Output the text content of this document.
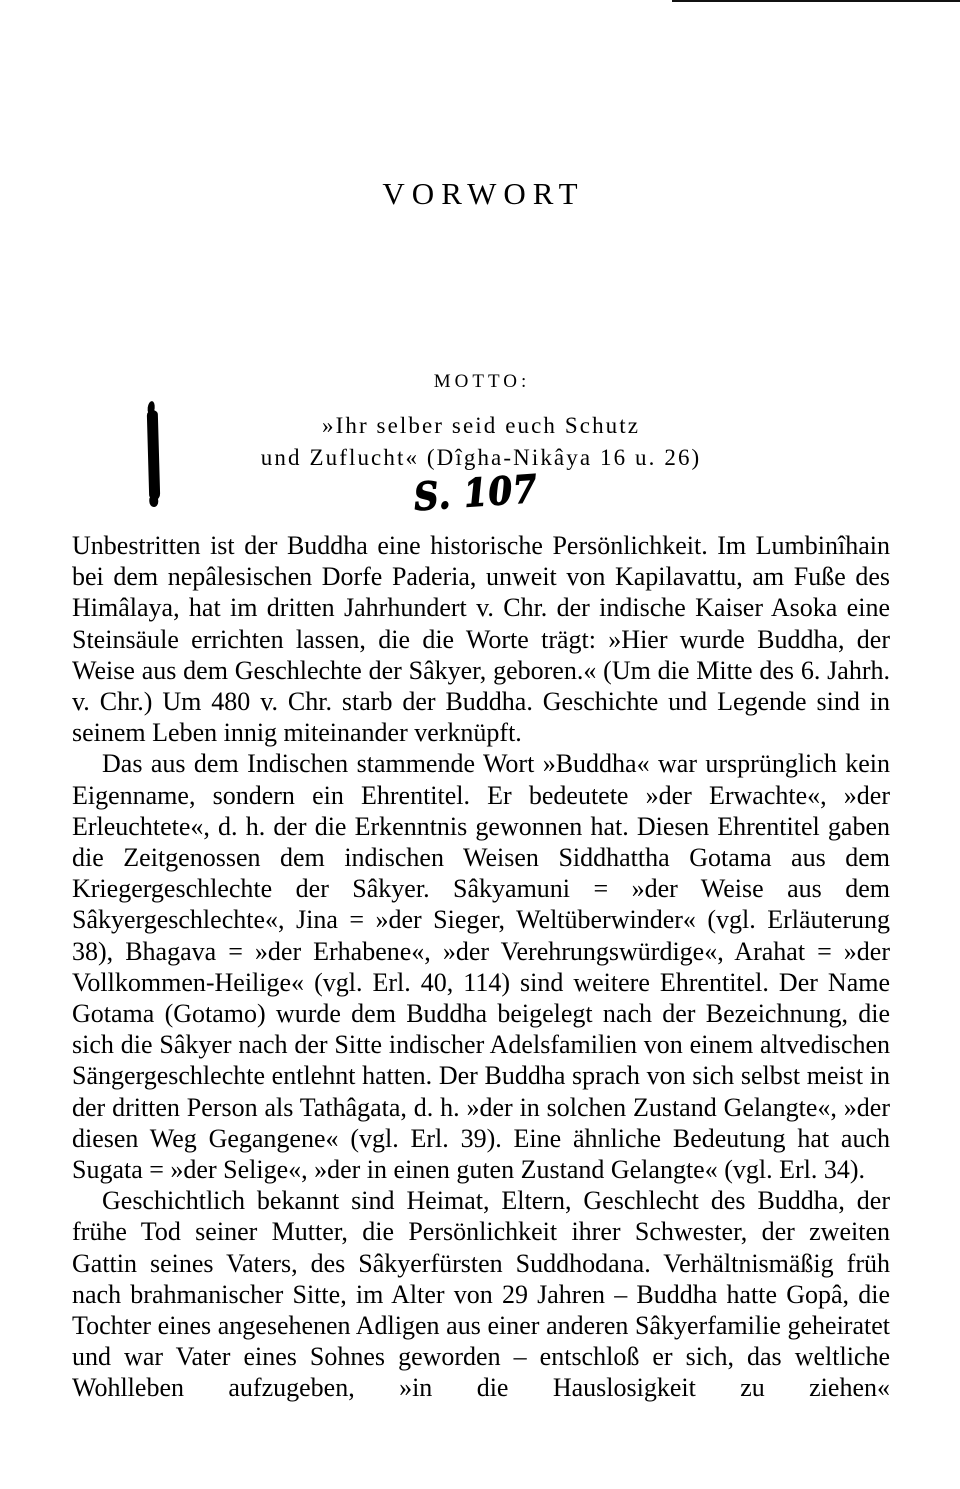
VORWORT
MOTTO:
»Ihr selber seid euch Schutz
und Zuflucht« (Dîgha-Nikâya 16 u. 26)
S. 107

Unbestritten ist der Buddha eine historische Persönlichkeit. Im Lumbinîhain bei dem nepâlesischen Dorfe Paderia, unweit von Kapilavattu, am Fuße des Himâlaya, hat im dritten Jahrhundert v. Chr. der indische Kaiser Asoka eine Steinsäule errichten lassen, die die Worte trägt: »Hier wurde Buddha, der Weise aus dem Geschlechte der Sâkyer, geboren.« (Um die Mitte des 6. Jahrh. v. Chr.) Um 480 v. Chr. starb der Buddha. Geschichte und Legende sind in seinem Leben innig miteinander verknüpft.

Das aus dem Indischen stammende Wort »Buddha« war ursprünglich kein Eigenname, sondern ein Ehrentitel. Er bedeutete »der Erwachte«, »der Erleuchtete«, d. h. der die Erkenntnis gewonnen hat. Diesen Ehrentitel gaben die Zeitgenossen dem indischen Weisen Siddhattha Gotama aus dem Kriegergeschlechte der Sâkyer. Sâkyamuni = »der Weise aus dem Sâkyergeschlechte«, Jina = »der Sieger, Weltüberwinder« (vgl. Erläuterung 38), Bhagava = »der Erhabene«, »der Verehrungswürdige«, Arahat = »der Vollkommen-Heilige« (vgl. Erl. 40, 114) sind weitere Ehrentitel. Der Name Gotama (Gotamo) wurde dem Buddha beigelegt nach der Bezeichnung, die sich die Sâkyer nach der Sitte indischer Adelsfamilien von einem altvedischen Sängergeschlechte entlehnt hatten. Der Buddha sprach von sich selbst meist in der dritten Person als Tathâgata, d. h. »der in solchen Zustand Gelangte«, »der diesen Weg Gegangene« (vgl. Erl. 39). Eine ähnliche Bedeutung hat auch Sugata = »der Selige«, »der in einen guten Zustand Gelangte« (vgl. Erl. 34).

Geschichtlich bekannt sind Heimat, Eltern, Geschlecht des Buddha, der frühe Tod seiner Mutter, die Persönlichkeit ihrer Schwester, der zweiten Gattin seines Vaters, des Sâkyerfürsten Suddhodana. Verhältnismäßig früh nach brahmanischer Sitte, im Alter von 29 Jahren – Buddha hatte Gopâ, die Tochter eines angesehenen Adligen aus einer anderen Sâkyerfamilie geheiratet und war Vater eines Sohnes geworden – entschloß er sich, das weltliche Wohlleben aufzugeben, »in die Hauslosigkeit zu ziehen«
